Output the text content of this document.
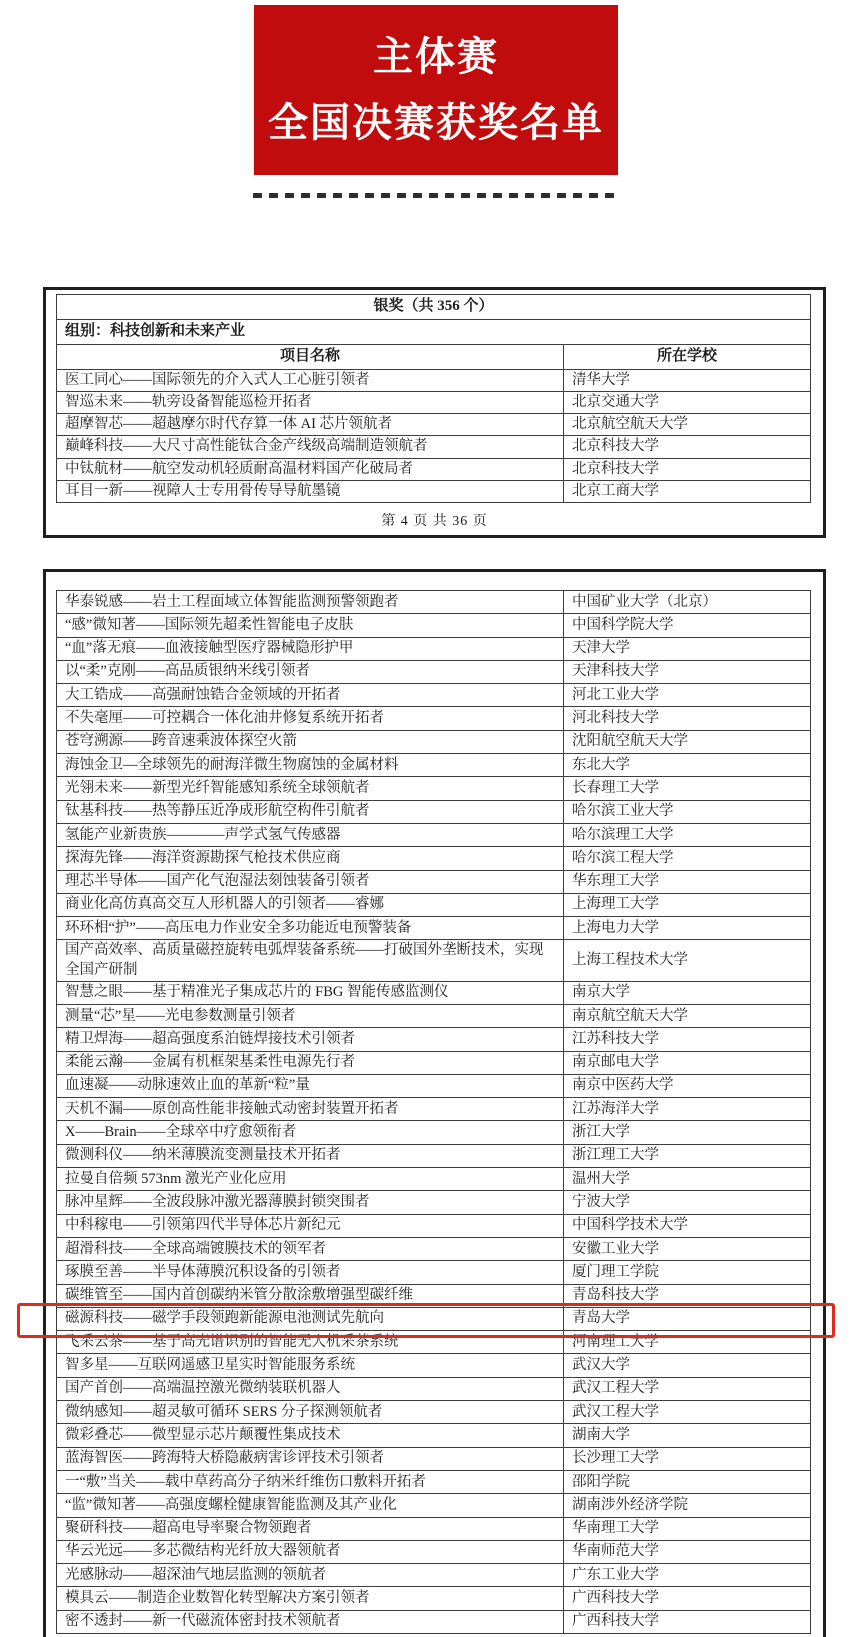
主体赛
全国决赛获奖名单
银奖（共 356 个）	
组别：科技创新和未来产业	
项目名称	所在学校
医工同心——国际领先的介入式人工心脏引领者	清华大学
智巡未来——轨旁设备智能巡检开拓者	北京交通大学
超摩智芯——超越摩尔时代存算一体 AI 芯片领航者	北京航空航天大学
巅峰科技——大尺寸高性能钛合金产线级高端制造领航者	北京科技大学
中钛航材——航空发动机轻质耐高温材料国产化破局者	北京科技大学
耳目一新——视障人士专用骨传导导航墨镜	北京工商大学
第 4 页 共 36 页
华泰锐感——岩土工程面域立体智能监测预警领跑者	中国矿业大学（北京）
“感”微知著——国际领先超柔性智能电子皮肤	中国科学院大学
“血”落无痕——血液接触型医疗器械隐形护甲	天津大学
以“柔”克刚——高品质银纳米线引领者	天津科技大学
大工锆成——高强耐蚀锆合金领域的开拓者	河北工业大学
不失毫厘——可控耦合一体化油井修复系统开拓者	河北科技大学
苍穹溯源——跨音速乘波体探空火箭	沈阳航空航天大学
海蚀金卫—全球领先的耐海洋微生物腐蚀的金属材料	东北大学
光翎未来——新型光纤智能感知系统全球领航者	长春理工大学
钛基科技——热等静压近净成形航空构件引航者	哈尔滨工业大学
氢能产业新贵族————声学式氢气传感器	哈尔滨理工大学
探海先锋——海洋资源勘探气枪技术供应商	哈尔滨工程大学
理芯半导体——国产化气泡湿法刻蚀装备引领者	华东理工大学
商业化高仿真高交互人形机器人的引领者——睿娜	上海理工大学
环环相“护”——高压电力作业安全多功能近电预警装备	上海电力大学
国产高效率、高质量磁控旋转电弧焊装备系统——打破国外垄断技术，实现全国产研制	上海工程技术大学
智慧之眼——基于精准光子集成芯片的 FBG 智能传感监测仪	南京大学
测量“芯”星——光电参数测量引领者	南京航空航天大学
精卫焊海——超高强度系泊链焊接技术引领者	江苏科技大学
柔能云瀚——金属有机框架基柔性电源先行者	南京邮电大学
血速凝——动脉速效止血的革新“粒”量	南京中医药大学
天机不漏——原创高性能非接触式动密封装置开拓者	江苏海洋大学
X——Brain——全球卒中疗愈领衔者	浙江大学
微测科仪——纳米薄膜流变测量技术开拓者	浙江理工大学
拉曼自倍频 573nm 激光产业化应用	温州大学
脉冲星辉——全波段脉冲激光器薄膜封锁突围者	宁波大学
中科稼电——引领第四代半导体芯片新纪元	中国科学技术大学
超滑科技——全球高端镀膜技术的领军者	安徽工业大学
琢膜至善——半导体薄膜沉积设备的引领者	厦门理工学院
碳维管至——国内首创碳纳米管分散涂敷增强型碳纤维	青岛科技大学
磁源科技——磁学手段领跑新能源电池测试先航向	青岛大学
飞采云茶——基于高光谱识别的智能无人机采茶系统	河南理工大学
智多星——互联网遥感卫星实时智能服务系统	武汉大学
国产首创——高端温控激光微纳装联机器人	武汉工程大学
微纳感知——超灵敏可循环 SERS 分子探测领航者	武汉工程大学
微彩叠芯——微型显示芯片颠覆性集成技术	湖南大学
蓝海智医——跨海特大桥隐蔽病害诊评技术引领者	长沙理工大学
一“敷”当关——载中草药高分子纳米纤维伤口敷料开拓者	邵阳学院
“监”微知著——高强度螺栓健康智能监测及其产业化	湖南涉外经济学院
聚研科技——超高电导率聚合物领跑者	华南理工大学
华云光远——多芯微结构光纤放大器领航者	华南师范大学
光感脉动——超深油气地层监测的领航者	广东工业大学
模具云——制造企业数智化转型解决方案引领者	广西科技大学
密不透封——新一代磁流体密封技术领航者	广西科技大学
